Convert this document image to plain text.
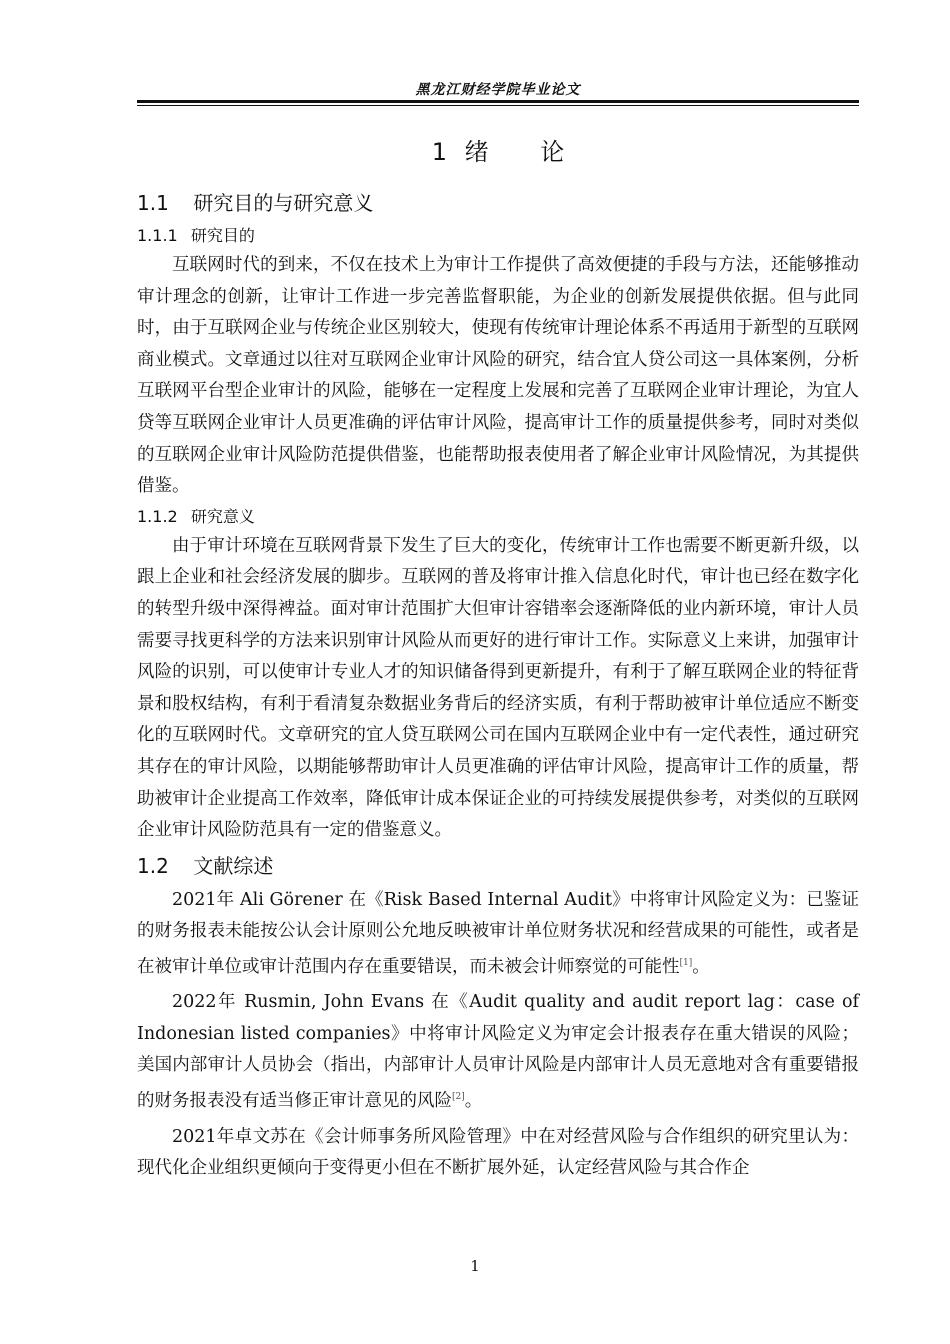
黑龙江财经学院毕业论文
1 绪 论
1.1 研究目的与研究意义
1.1.1 研究目的

互联网时代的到来，不仅在技术上为审计工作提供了高效便捷的手段与方法，还能够推动审计理念的创新，让审计工作进一步完善监督职能，为企业的创新发展提供依据。但与此同时，由于互联网企业与传统企业区别较大，使现有传统审计理论体系不再适用于新型的互联网商业模式。文章通过以往对互联网企业审计风险的研究，结合宜人贷公司这一具体案例，分析互联网平台型企业审计的风险，能够在一定程度上发展和完善了互联网企业审计理论，为宜人贷等互联网企业审计人员更准确的评估审计风险，提高审计工作的质量提供参考，同时对类似的互联网企业审计风险防范提供借鉴，也能帮助报表使用者了解企业审计风险情况，为其提供借鉴。

1.1.2 研究意义

由于审计环境在互联网背景下发生了巨大的变化，传统审计工作也需要不断更新升级，以跟上企业和社会经济发展的脚步。互联网的普及将审计推入信息化时代，审计也已经在数字化的转型升级中深得裨益。面对审计范围扩大但审计容错率会逐渐降低的业内新环境，审计人员需要寻找更科学的方法来识别审计风险从而更好的进行审计工作。实际意义上来讲，加强审计风险的识别，可以使审计专业人才的知识储备得到更新提升，有利于了解互联网企业的特征背景和股权结构，有利于看清复杂数据业务背后的经济实质，有利于帮助被审计单位适应不断变化的互联网时代。文章研究的宜人贷互联网公司在国内互联网企业中有一定代表性，通过研究其存在的审计风险，以期能够帮助审计人员更准确的评估审计风险，提高审计工作的质量，帮助被审计企业提高工作效率，降低审计成本保证企业的可持续发展提供参考，对类似的互联网企业审计风险防范具有一定的借鉴意义。

1.2 文献综述

2021年 Ali Görener 在《Risk Based Internal Audit》中将审计风险定义为：已鉴证的财务报表未能按公认会计原则公允地反映被审计单位财务状况和经营成果的可能性，或者是在被审计单位或审计范围内存在重要错误，而未被会计师察觉的可能性[1]。

2022年 Rusmin, John Evans 在《Audit quality and audit report lag：case of Indonesian listed companies》中将审计风险定义为审定会计报表存在重大错误的风险；美国内部审计人员协会（指出，内部审计人员审计风险是内部审计人员无意地对含有重要错报的财务报表没有适当修正审计意见的风险[2]。

2021年卓文苏在《会计师事务所风险管理》中在对经营风险与合作组织的研究里认为：现代化企业组织更倾向于变得更小但在不断扩展外延，认定经营风险与其合作企

1
